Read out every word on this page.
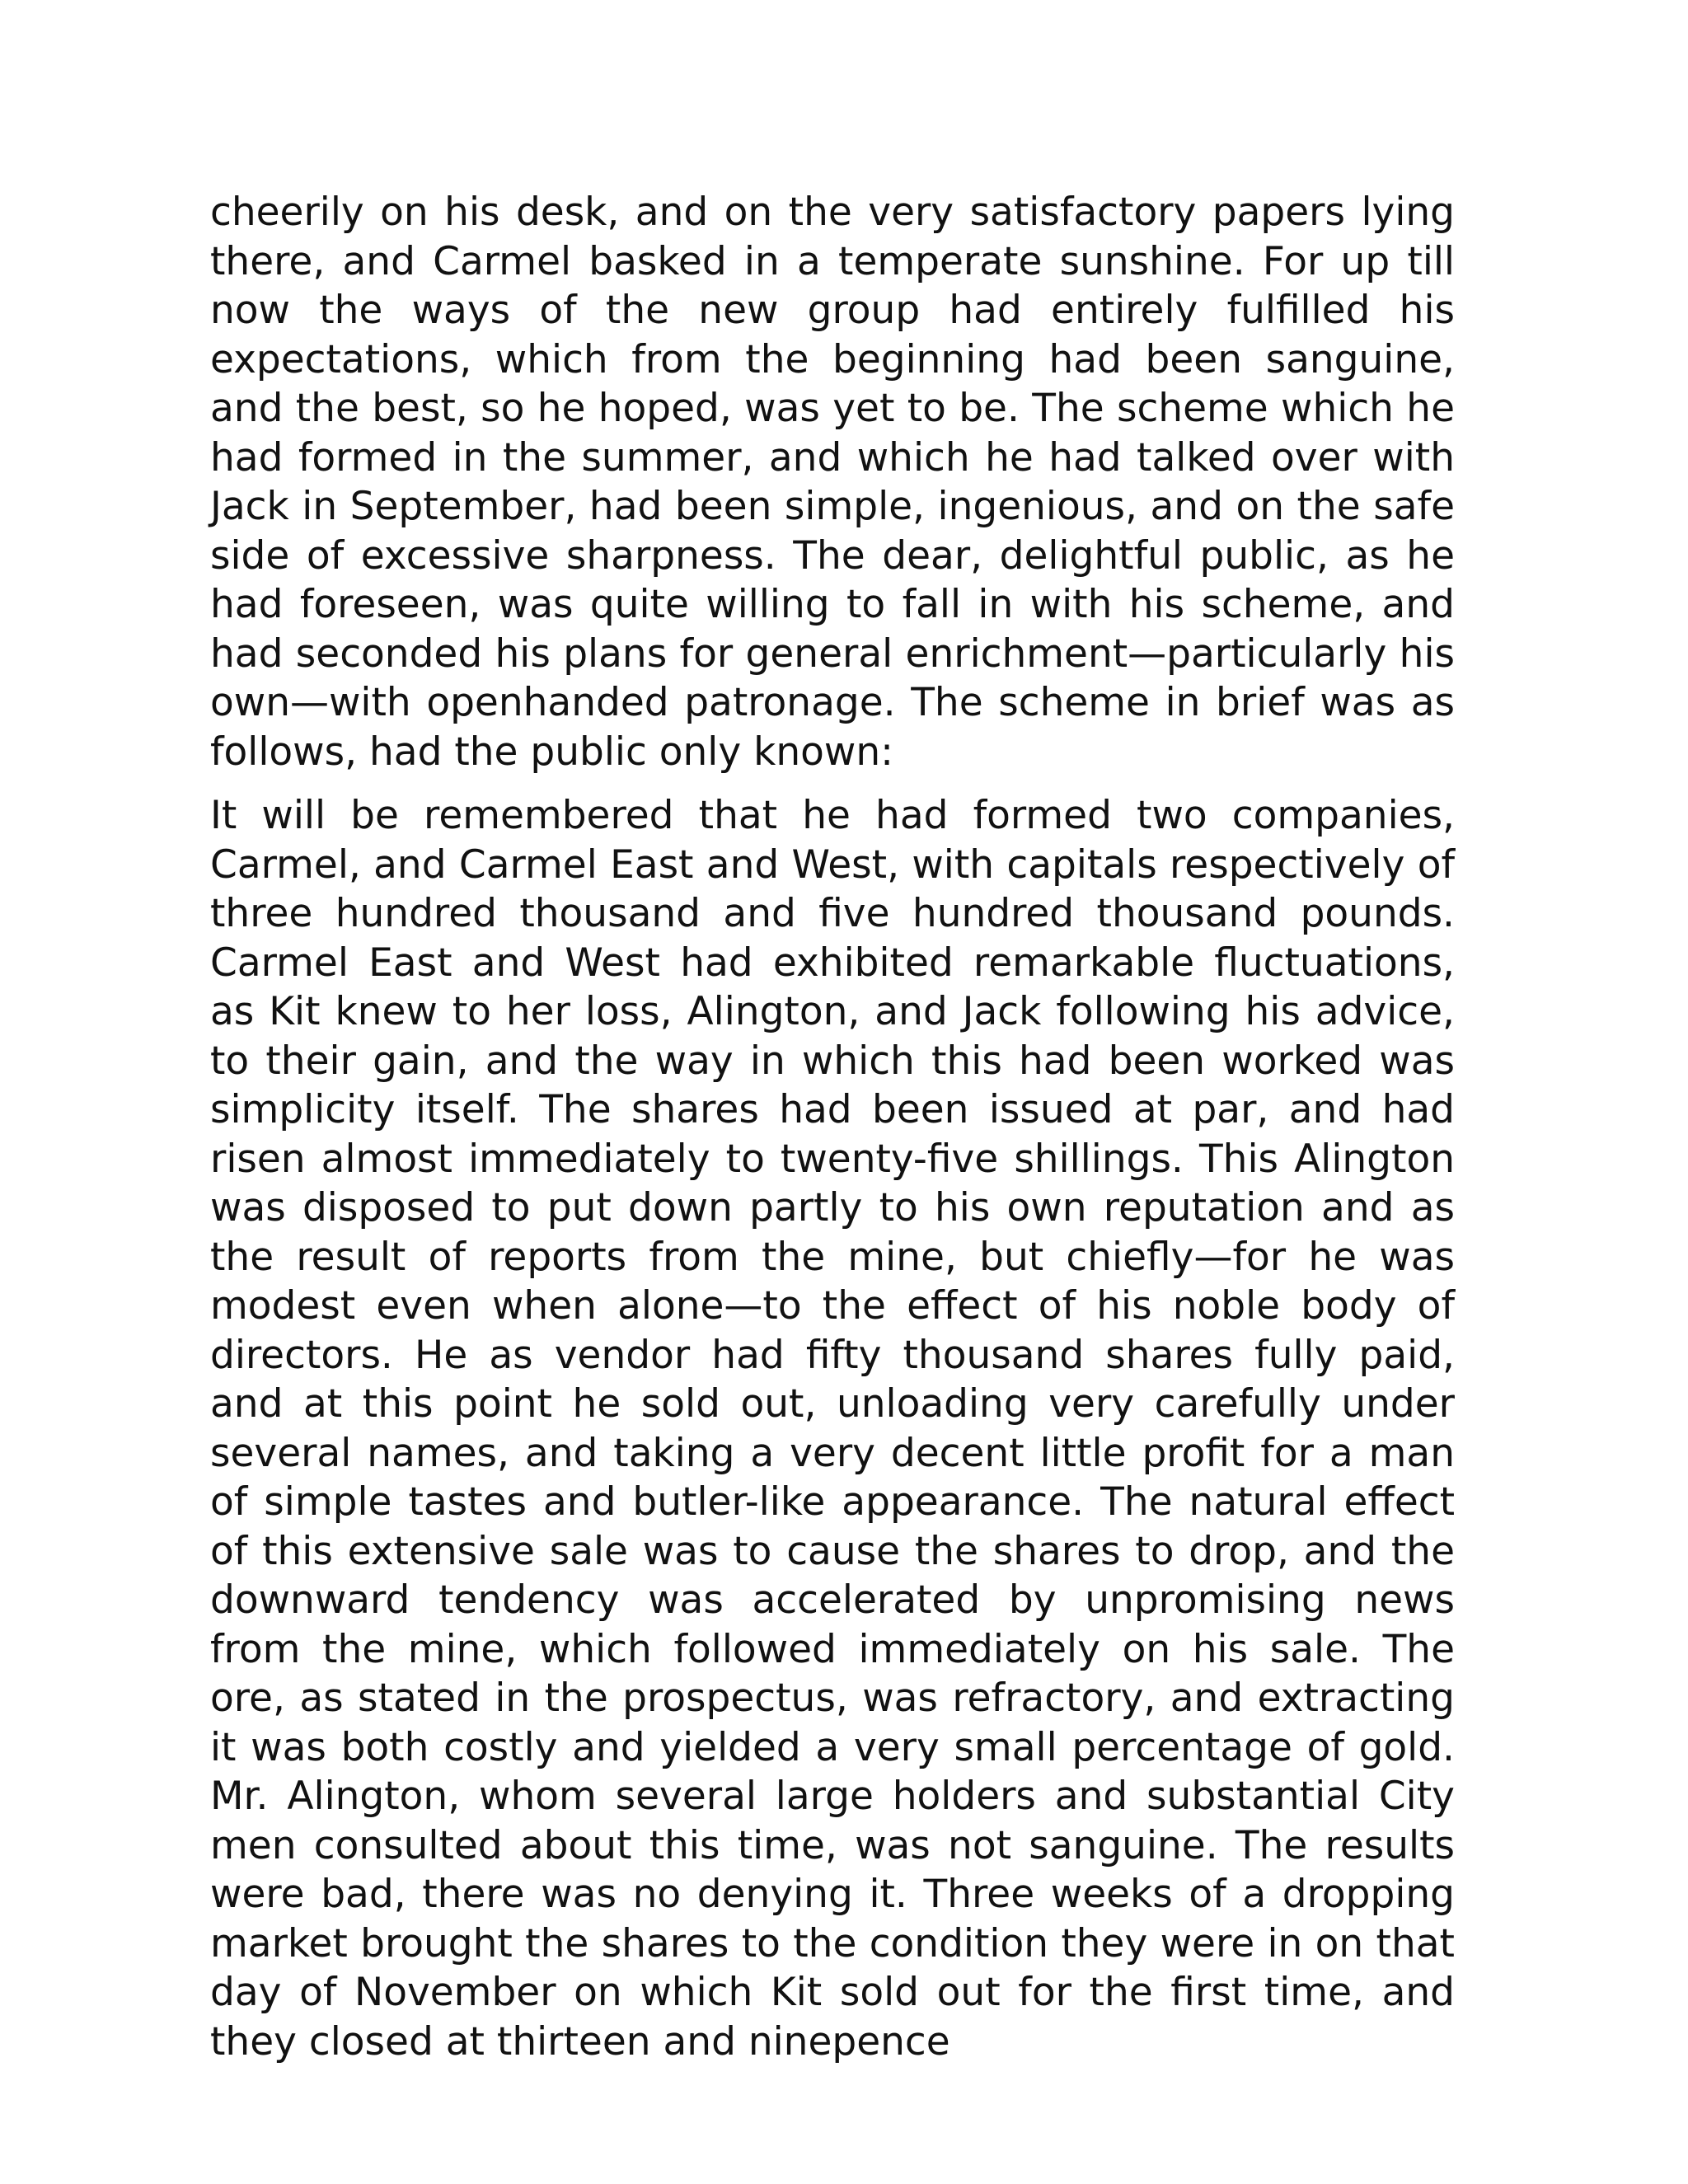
cheerily on his desk, and on the very satisfactory papers lying there, and Carmel basked in a temperate sunshine. For up till now the ways of the new group had entirely fulfilled his expectations, which from the beginning had been sanguine, and the best, so he hoped, was yet to be. The scheme which he had formed in the summer, and which he had talked over with Jack in September, had been simple, ingenious, and on the safe side of excessive sharpness. The dear, delightful public, as he had foreseen, was quite willing to fall in with his scheme, and had seconded his plans for general enrichment—particularly his own—with openhanded patronage. The scheme in brief was as follows, had the public only known:

It will be remembered that he had formed two companies, Carmel, and Carmel East and West, with capitals respectively of three hundred thousand and five hundred thousand pounds. Carmel East and West had exhibited remarkable fluctuations, as Kit knew to her loss, Alington, and Jack following his advice, to their gain, and the way in which this had been worked was simplicity itself. The shares had been issued at par, and had risen almost immediately to twenty-five shillings. This Alington was disposed to put down partly to his own reputation and as the result of reports from the mine, but chiefly—for he was modest even when alone—to the effect of his noble body of directors. He as vendor had fifty thousand shares fully paid, and at this point he sold out, unloading very carefully under several names, and taking a very decent little profit for a man of simple tastes and butler-like appearance. The natural effect of this extensive sale was to cause the shares to drop, and the downward tendency was accelerated by unpromising news from the mine, which followed immediately on his sale. The ore, as stated in the prospectus, was refractory, and extracting it was both costly and yielded a very small percentage of gold. Mr. Alington, whom several large holders and substantial City men consulted about this time, was not sanguine. The results were bad, there was no denying it. Three weeks of a dropping market brought the shares to the condition they were in on that day of November on which Kit sold out for the first time, and they closed at thirteen and ninepence
